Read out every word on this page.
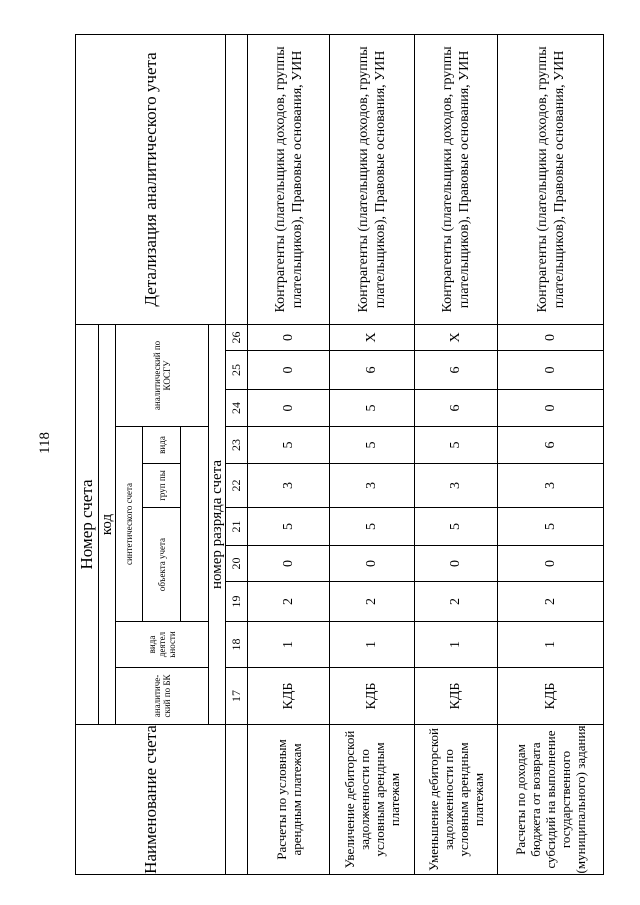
118
Наименование счета	Номер счета										Детализация аналитического учета
	код										
	аналитический по БК	вида деятел ьности	синтетического счета					аналитический по КОСГУ			
			объекта учета			груп пы	вида				

	номер разряда счета										
	17	18	19	20	21	22	23	24	25	26	
Расчеты по условным арендным платежам	КДБ	1	2	0	5	3	5	0	0	0	Контрагенты (плательщики доходов, группы плательщиков), Правовые основания, УИН
Увеличение дебиторской задолженности по условным арендным платежам	КДБ	1	2	0	5	3	5	5	6	Х	Контрагенты (плательщики доходов, группы плательщиков), Правовые основания, УИН
Уменьшение дебиторской задолженности по условным арендным платежам	КДБ	1	2	0	5	3	5	6	6	Х	Контрагенты (плательщики доходов, группы плательщиков), Правовые основания, УИН
Расчеты по доходам бюджета от возврата субсидий на выполнение государственного (муниципального) задания	КДБ	1	2	0	5	3	6	0	0	0	Контрагенты (плательщики доходов, группы плательщиков), Правовые основания, УИН
